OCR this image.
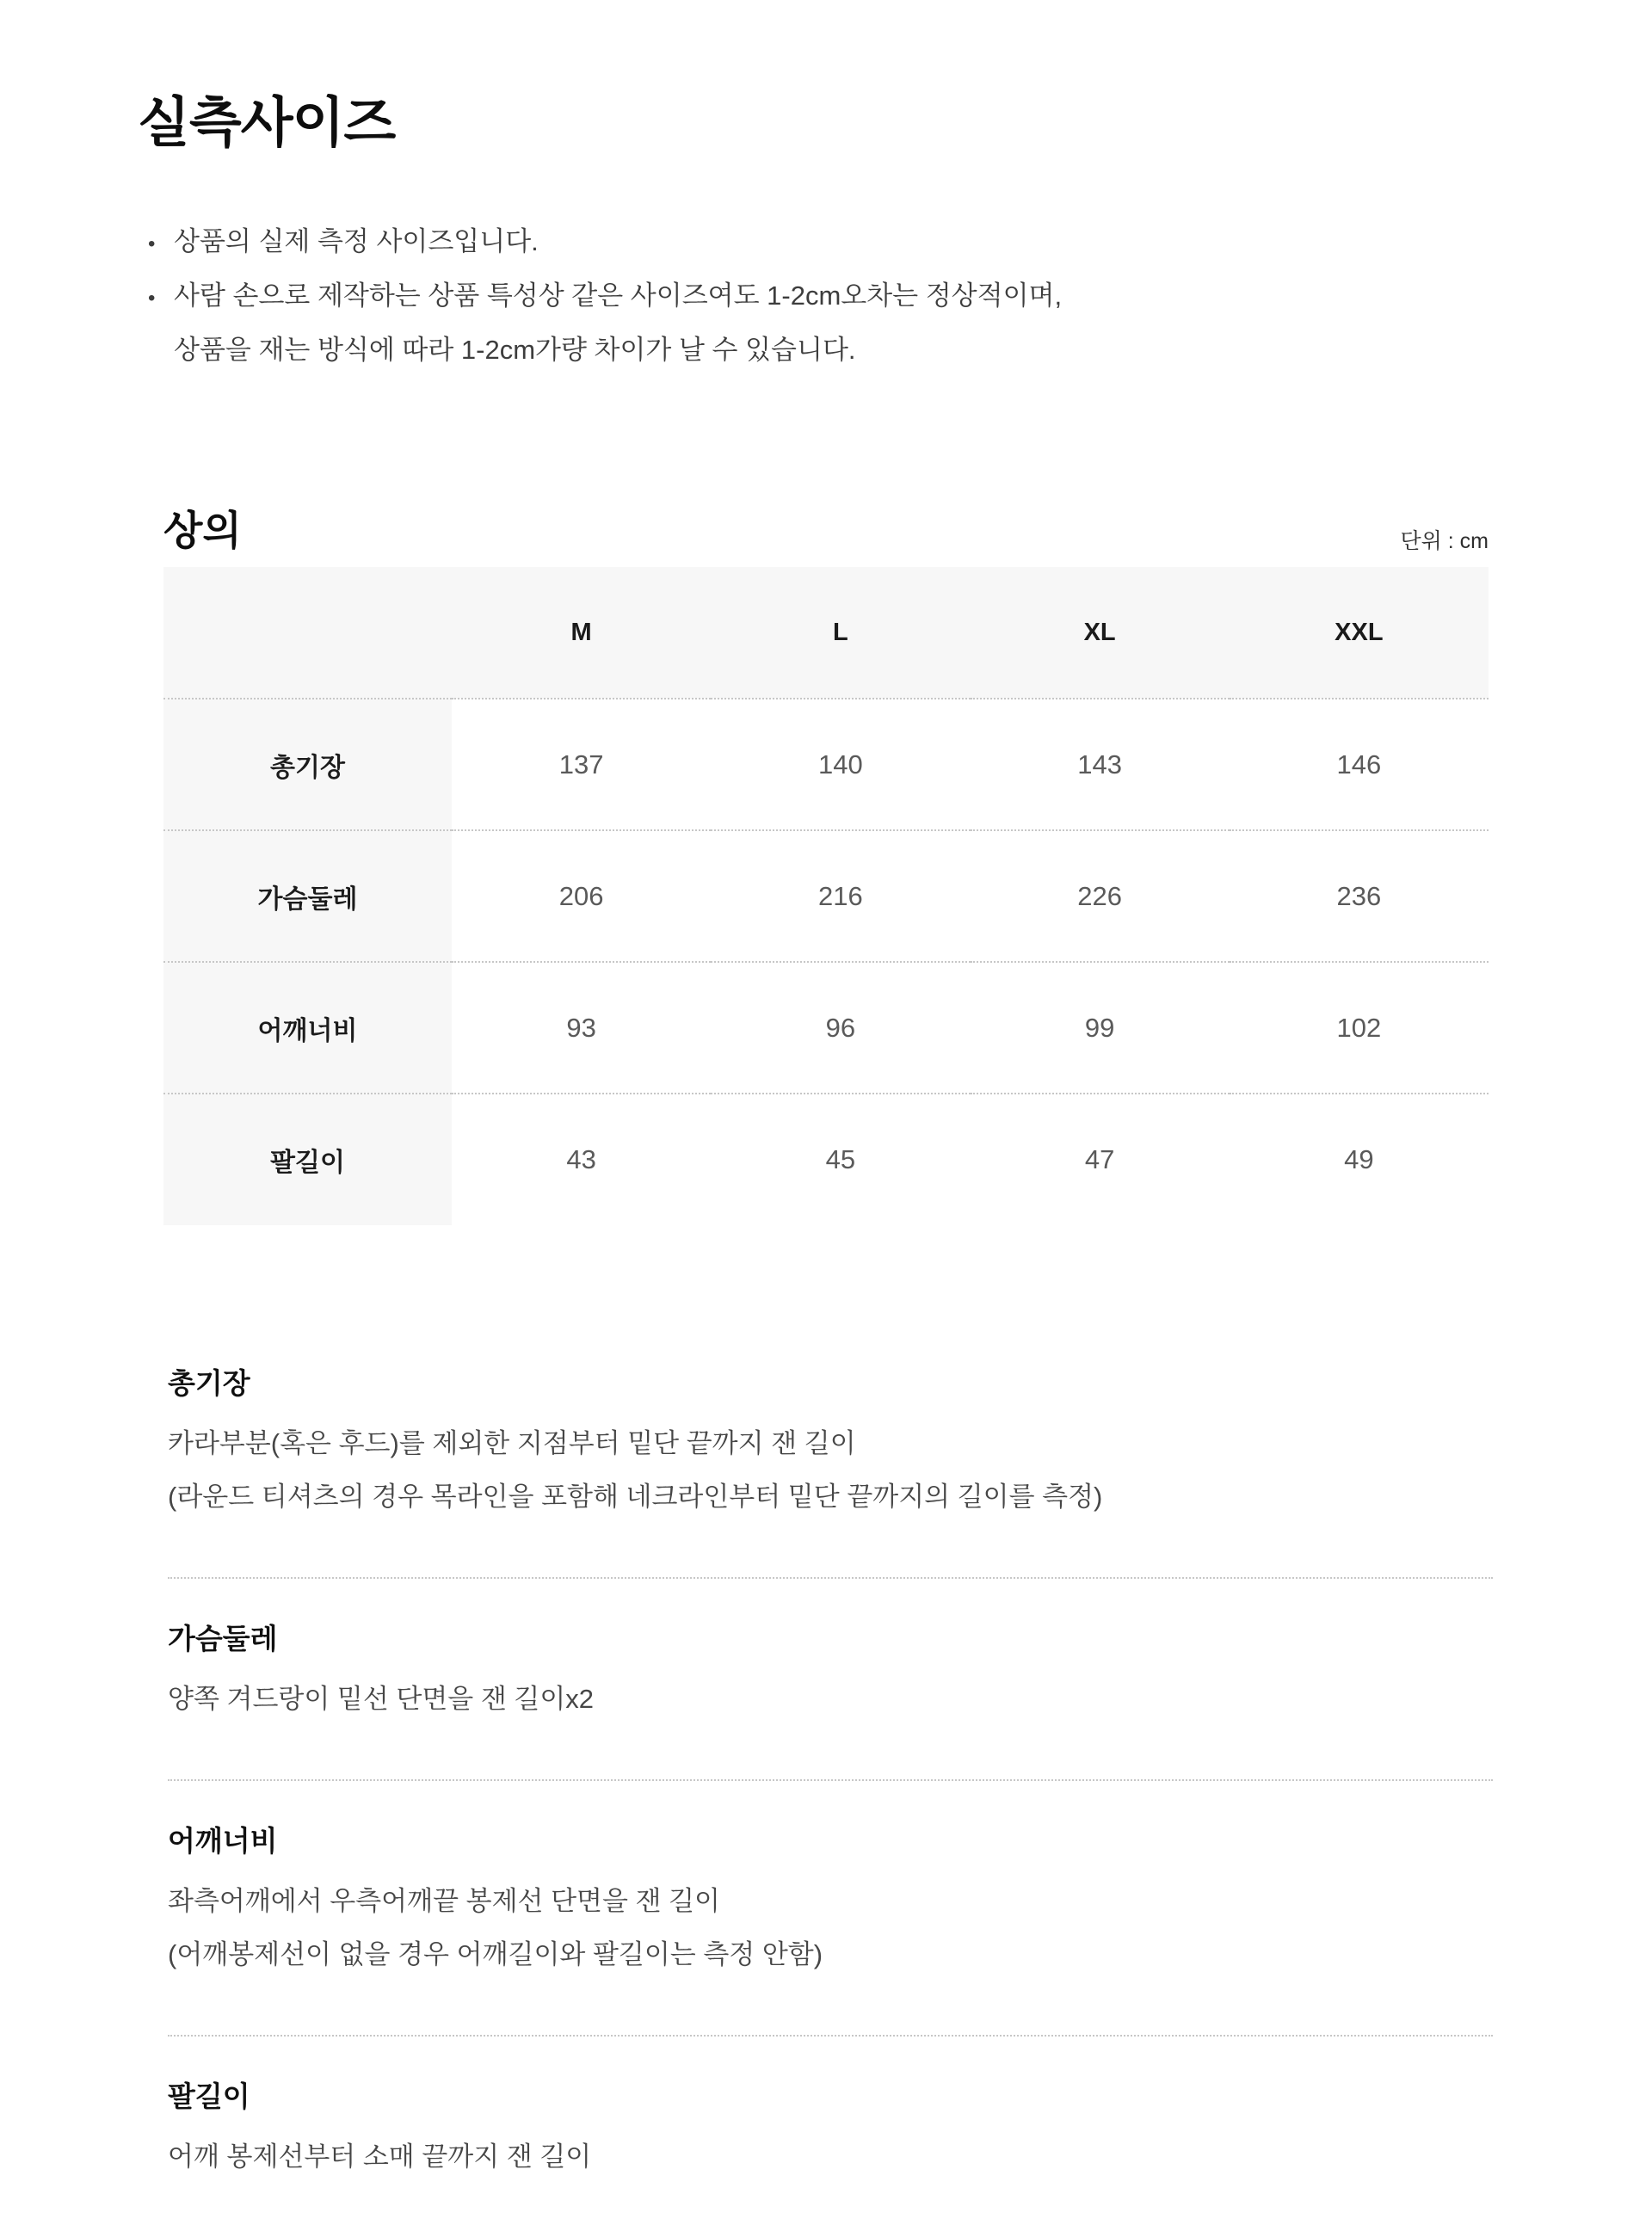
실측사이즈
•
상품의 실제 측정 사이즈입니다.
•
사람 손으로 제작하는 상품 특성상 같은 사이즈여도 1-2cm오차는 정상적이며,
상품을 재는 방식에 따라 1-2cm가량 차이가 날 수 있습니다.
상의	단위 : cm
	M	L	XL	XXL
총기장	137	140	143	146
가슴둘레	206	216	226	236
어깨너비	93	96	99	102
팔길이	43	45	47	49
총기장

카라부분(혹은 후드)를 제외한 지점부터 밑단 끝까지 잰 길이

(라운드 티셔츠의 경우 목라인을 포함해 네크라인부터 밑단 끝까지의 길이를 측정)

가슴둘레

양쪽 겨드랑이 밑선 단면을 잰 길이x2

어깨너비

좌측어깨에서 우측어깨끝 봉제선 단면을 잰 길이

(어깨봉제선이 없을 경우 어깨길이와 팔길이는 측정 안함)

팔길이

어깨 봉제선부터 소매 끝까지 잰 길이
